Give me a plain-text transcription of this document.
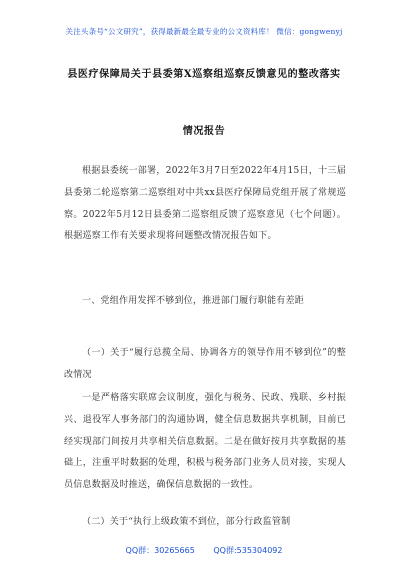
关注头条号“公文研究”，获得最新最全最专业的公文资料库！ 微信：gongwenyj
县医疗保障局关于县委第X巡察组巡察反馈意见的整改落实
情况报告

根据县委统一部署，2022年3月7日至2022年4月15日，十三届县委第二轮巡察第二巡察组对中共xx县医疗保障局党组开展了常规巡察。2022年5月12日县委第二巡察组反馈了巡察意见（七个问题）。根据巡察工作有关要求现将问题整改情况报告如下。

一、党组作用发挥不够到位，推进部门履行职能有差距

（一）关于“履行总揽全局、协调各方的领导作用不够到位”的整改情况

一是严格落实联席会议制度，强化与税务、民政、残联、乡村振兴、退役军人事务部门的沟通协调，健全信息数据共享机制，目前已经实现部门间按月共享相关信息数据。二是在做好按月共享数据的基础上，注重平时数据的处理，积极与税务部门业务人员对接，实现人员信息数据及时推送，确保信息数据的一致性。

（二）关于“执行上级政策不到位，部分行政监管制

QQ群：30265665 QQ群:535304092
